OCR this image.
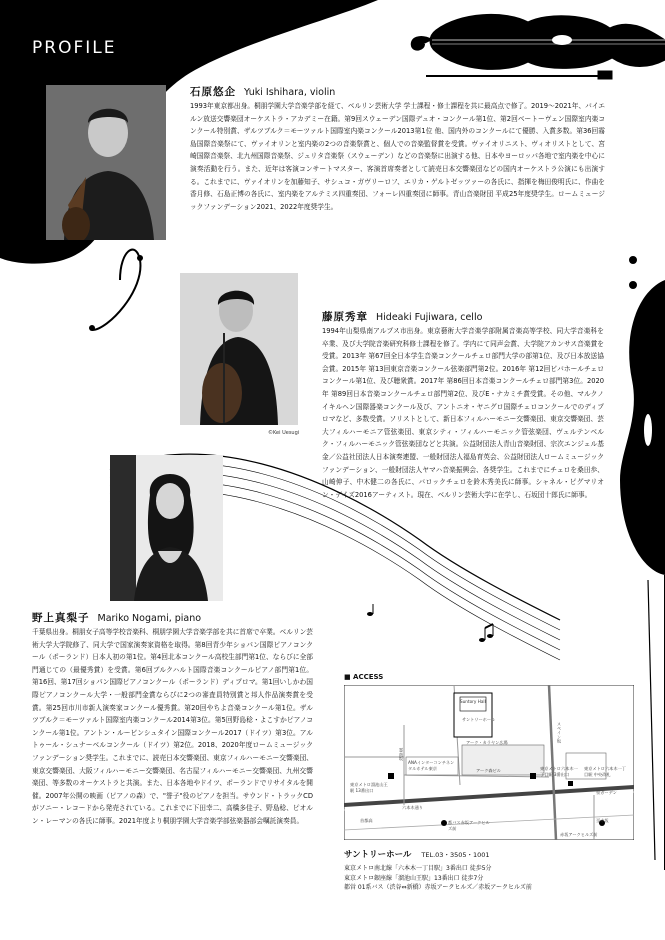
PROFILE
石原悠企 Yuki Ishihara, violin
1993年東京都出身。桐朋学園大学音楽学部を経て、ベルリン芸術大学 学士課程・修士課程を共に最高点で修了。2019～2021年、バイエルン放送交響楽団オーケストラ・アカデミー在籍。第9回スウェーデン国際デュオ・コンクール第1位、第2回ベートーヴェン国際室内楽コンクール特別賞、ザルツブルク＝モーツァルト国際室内楽コンクール2013第1位 他、国内外のコンクールにて優勝、入賞多数。第36回霧島国際音楽祭にて、ヴァイオリンと室内楽の2つの音楽祭賞と、個人での音楽監督賞を受賞。ヴァイオリニスト、ヴィオリストとして、宮崎国際音楽祭、北九州国際音楽祭、ジュリタ音楽祭（スウェーデン）などの音楽祭に出演する他、日本やヨーロッパ各地で室内楽を中心に演奏活動を行う。また、近年は客演コンサートマスター、客演首席奏者として読売日本交響楽団などの国内オーケストラ公演にも出演する。これまでに、ヴァイオリンを加藤知子、サシュコ・ガヴリーロフ、エリカ・ゲルトゼッツァーの各氏に、指揮を梅田俊明氏に、作曲を香月修、石島正博の各氏に、室内楽をアルテミス四重奏団、フォーレ四重奏団に師事。青山音楽財団 平成25年度奨学生。ロームミュージックファンデーション2021、2022年度奨学生。
©Kei Uesugi
藤原秀章 Hideaki Fujiwara, cello
1994年山梨県南アルプス市出身。東京藝術大学音楽学部附属音楽高等学校、同大学音楽科を卒業、及び大学院音楽研究科修士課程を修了。学内にて同声会賞、大学院アカンサス音楽賞を受賞。2013年 第67回全日本学生音楽コンクールチェロ部門大学の部第1位、及び日本放送協会賞。2015年 第13回東京音楽コンクール弦楽部門第2位。2016年 第12回ビバホールチェロコンクール第1位、及び聴衆賞。2017年 第86回日本音楽コンクールチェロ部門第3位。2020年 第89回日本音楽コンクールチェロ部門第2位、及びE・ナカミチ賞受賞。その他、マルクノイキルヘン国際器楽コンクール及び、アントニオ・ヤニグロ国際チェロコンクールでのディプロマなど、多数受賞。ソリストとして、新日本フィルハーモニー交響楽団、東京交響楽団、芸大フィルハーモニア管弦楽団、東京シティ・フィルハーモニック管弦楽団、ヴュルテンベルク・フィルハーモニック管弦楽団などと共演。公益財団法人青山音楽財団、宗次エンジェル基金／公益社団法人日本演奏連盟、一般財団法人福島育英会、公益財団法人ロームミュージックファンデーション、一般財団法人ヤマハ音楽振興会、各奨学生。これまでにチェロを桑田歩、山崎伸子、中木健二の各氏に、バロックチェロを鈴木秀美氏に師事。シャネル・ピグマリオン・デイズ2016アーティスト。現在、ベルリン芸術大学に在学し、石坂団十郎氏に師事。
野上真梨子 Mariko Nogami, piano
千葉県出身。桐朋女子高等学校音楽科、桐朋学園大学音楽学部を共に首席で卒業。ベルリン芸術大学大学院修了、同大学で国家演奏家資格を取得。第8回青少年ショパン国際ピアノコンクール（ポーランド）日本人初の第1位。第4回北本コンクール高校生部門第1位、ならびに全部門通じての（最優秀賞）を受賞。第6回ブルクハルト国際音楽コンクールピアノ部門第1位。第16回、第17回ショパン国際ピアノコンクール（ポーランド）ディプロマ。第1回いしかわ国際ピアノコンクール大学・一般部門金賞ならびに2つの審査員特別賞と邦人作品演奏賞を受賞。第25回市川市新人演奏家コンクール優秀賞。第20回やちよ音楽コンクール第1位。ザルツブルク＝モーツァルト国際室内楽コンクール2014第3位。第5回野島稔・よこすかピアノコンクール第1位。アントン・ルービンシュタイン国際コンクール2017（ドイツ）第3位。アルトゥール・シュナーベルコンクール（ドイツ）第2位。2018、2020年度ロームミュージックファンデーション奨学生。これまでに、読売日本交響楽団、東京フィルハーモニー交響楽団、東京交響楽団、大阪フィルハーモニー交響楽団、名古屋フィルハーモニー交響楽団、九州交響楽団、等多数のオーケストラと共演。また、日本各地やドイツ、ポーランドでリサイタルを開催。2007年公開の映画（ピアノの森）で、"誉子"役のピアノを担当。サウンド・トラックCDがソニー・レコードから発売されている。これまでに下田幸二、高橋多佳子、野島稔、ピオルン・レーマンの各氏に師事。2021年度より桐朋学園大学音楽学部弦楽器部会嘱託演奏員。
■ ACCESS
サントリーホール
Suntory Hall
アーク・カラヤン広場
アーク森ビル
ANAインターコンチネンタルホテル東京
東京メトロ溜池山王駅 13番出口
東京メトロ六本木一丁目駅 3番出口
東京メトロ六本木一丁目駅 中央改札
六本木通り
スペイン坂
首都高	都バス赤坂アークヒルズ前
泉ガーデン
霊南坂
至赤坂
赤坂アークヒルズ前
サントリーホール TEL.03・3505・1001
東京メトロ南北線「六本木一丁目駅」3番出口 徒歩5分
東京メトロ銀座線「溜池山王駅」13番出口 徒歩7分
都営 01系バス（渋谷⇔新橋）赤坂アークヒルズ／赤坂アークヒルズ前
